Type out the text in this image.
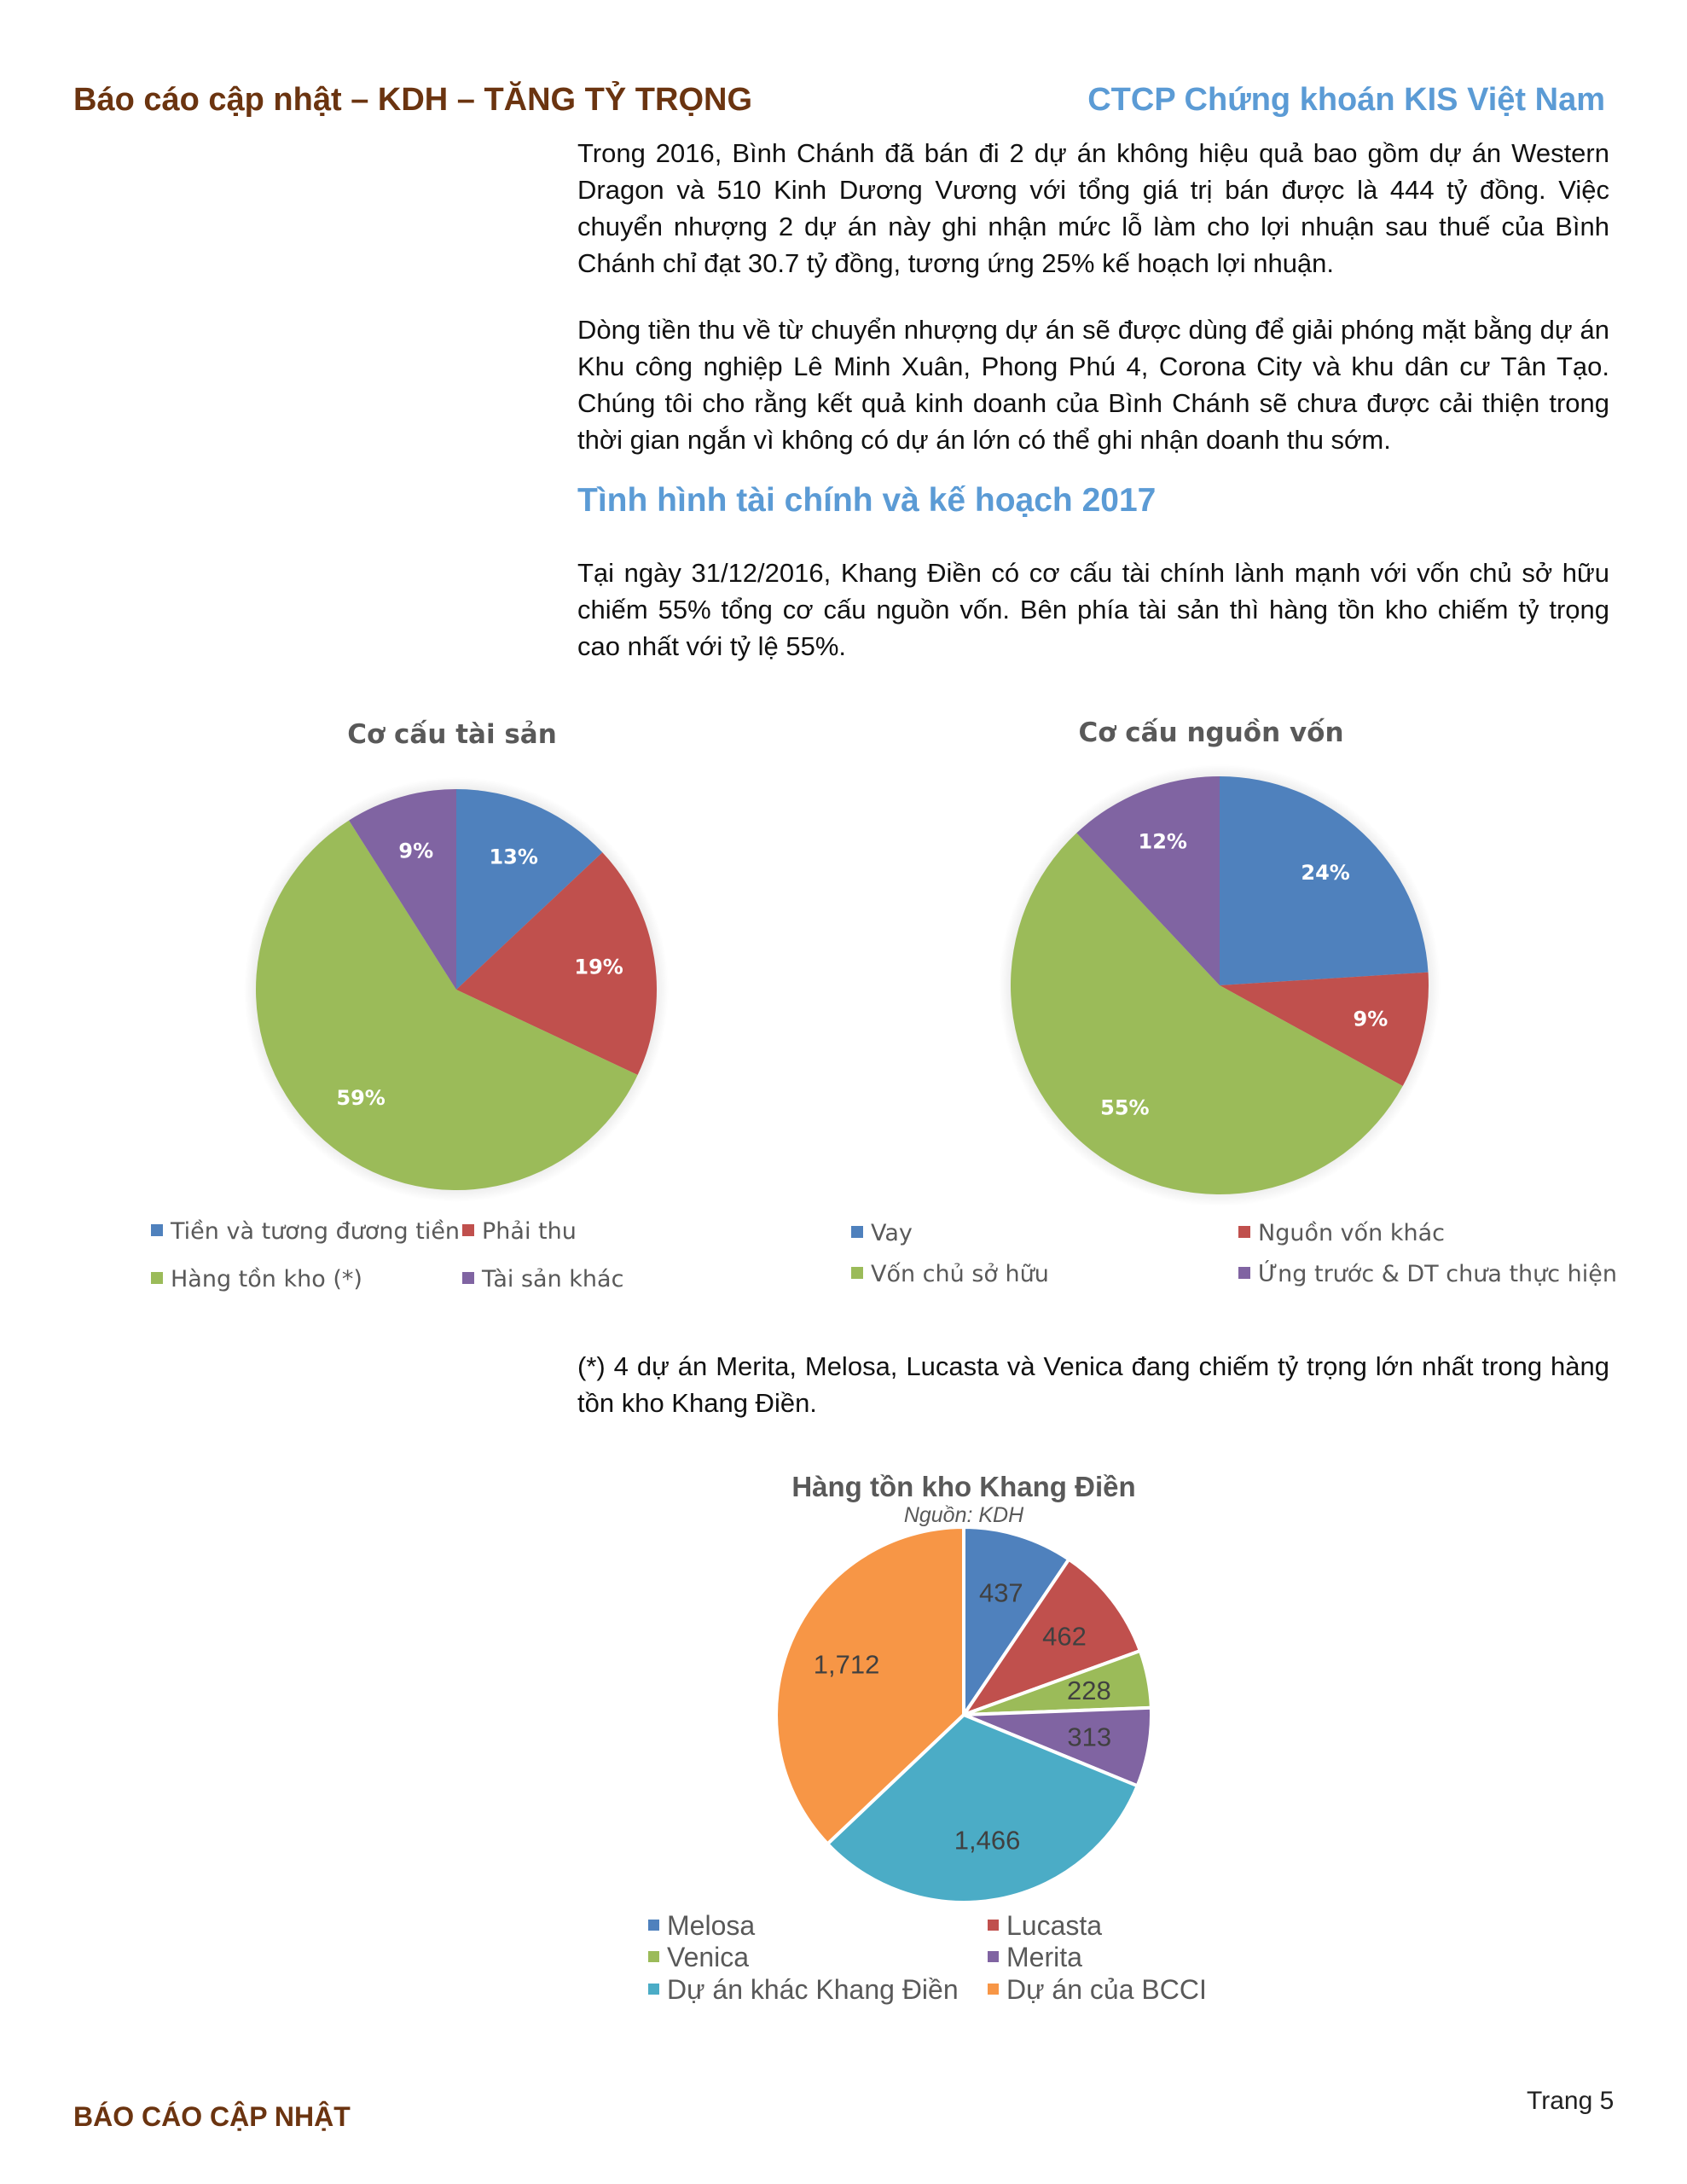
Báo cáo cập nhật – KDH – TĂNG TỶ TRỌNG	CTCP Chứng khoán KIS Việt Nam
Trong 2016, Bình Chánh đã bán đi 2 dự án không hiệu quả bao gồm dự án Western Dragon và 510 Kinh Dương Vương với tổng giá trị bán được là 444 tỷ đồng. Việc chuyển nhượng 2 dự án này ghi nhận mức lỗ làm cho lợi nhuận sau thuế của Bình Chánh chỉ đạt 30.7 tỷ đồng, tương ứng 25% kế hoạch lợi nhuận.
Dòng tiền thu về từ chuyển nhượng dự án sẽ được dùng để giải phóng mặt bằng dự án Khu công nghiệp Lê Minh Xuân, Phong Phú 4, Corona City và khu dân cư Tân Tạo. Chúng tôi cho rằng kết quả kinh doanh của Bình Chánh sẽ chưa được cải thiện trong thời gian ngắn vì không có dự án lớn có thể ghi nhận doanh thu sớm.
Tình hình tài chính và kế hoạch 2017
Tại ngày 31/12/2016, Khang Điền có cơ cấu tài chính lành mạnh với vốn chủ sở hữu chiếm 55% tổng cơ cấu nguồn vốn. Bên phía tài sản thì hàng tồn kho chiếm tỷ trọng cao nhất với tỷ lệ 55%.
Cơ cấu tài sản
13%
19%
59%
9%
Tiền và tương đương tiền Phải thu
Hàng tồn kho (*)	Tài sản khác
Cơ cấu nguồn vốn
24%
9%
55%
12%
Vay	Nguồn vốn khác
Vốn chủ sở hữu	Ứng trước & DT chưa thực hiện
(*) 4 dự án Merita, Melosa, Lucasta và Venica đang chiếm tỷ trọng lớn nhất trong hàng tồn kho Khang Điền.
Hàng tồn kho Khang Điền
Nguồn: KDH
437
462
228
313
1,466
1,712
Melosa	Lucasta
Venica	Merita
Dự án khác Khang Điền	Dự án của BCCI
BÁO CÁO CẬP NHẬT
Trang 5
